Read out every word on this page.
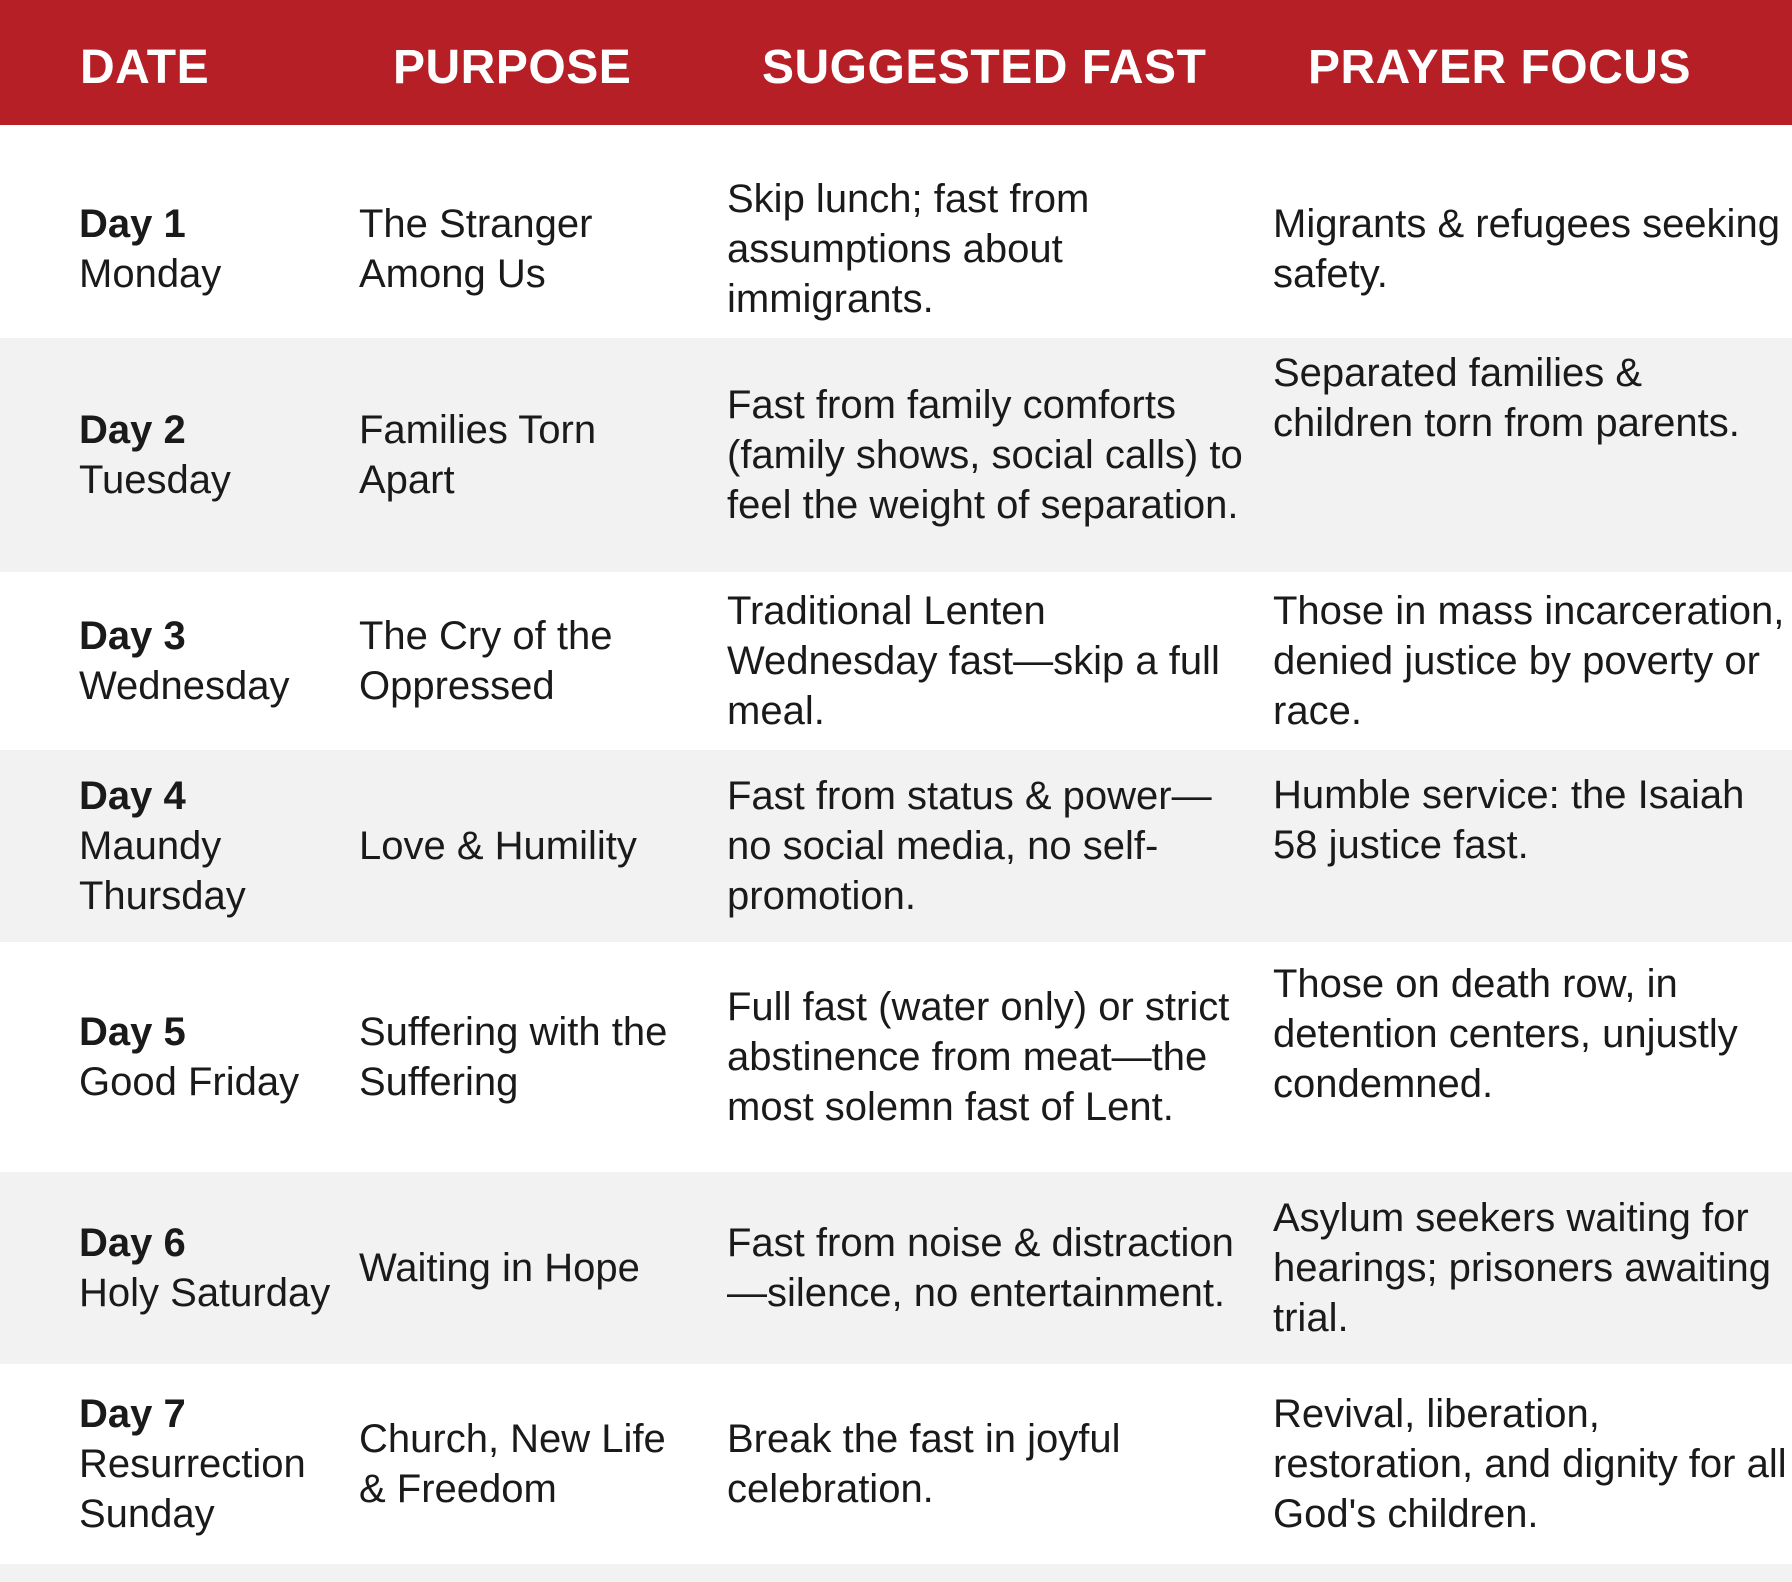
DATE	PURPOSE	SUGGESTED FAST PRAYER FOCUS
Day 1
Monday
The Stranger Among Us
Skip lunch; fast from assumptions about immigrants.
Migrants & refugees seeking safety.
Day 2
Tuesday
Families Torn Apart
Fast from family comforts (family shows, social calls) to feel the weight of separation.
Separated families & children torn from parents.
Day 3
Wednesday
The Cry of the Oppressed
Traditional Lenten Wednesday fast—skip a full meal.
Those in mass incarceration, denied justice by poverty or race.
Day 4
Maundy Thursday
Love & Humility
Fast from status & power—no social media, no self-promotion.
Humble service: the Isaiah 58 justice fast.
Day 5
Good Friday
Suffering with the Suffering
Full fast (water only) or strict abstinence from meat—the most solemn fast of Lent.
Those on death row, in detention centers, unjustly condemned.
Day 6
Holy Saturday
Waiting in Hope
Fast from noise & distraction—silence, no entertainment.
Asylum seekers waiting for hearings; prisoners awaiting trial.
Day 7
Resurrection Sunday
Church, New Life & Freedom
Break the fast in joyful celebration.
Revival, liberation, restoration, and dignity for all God's children.
